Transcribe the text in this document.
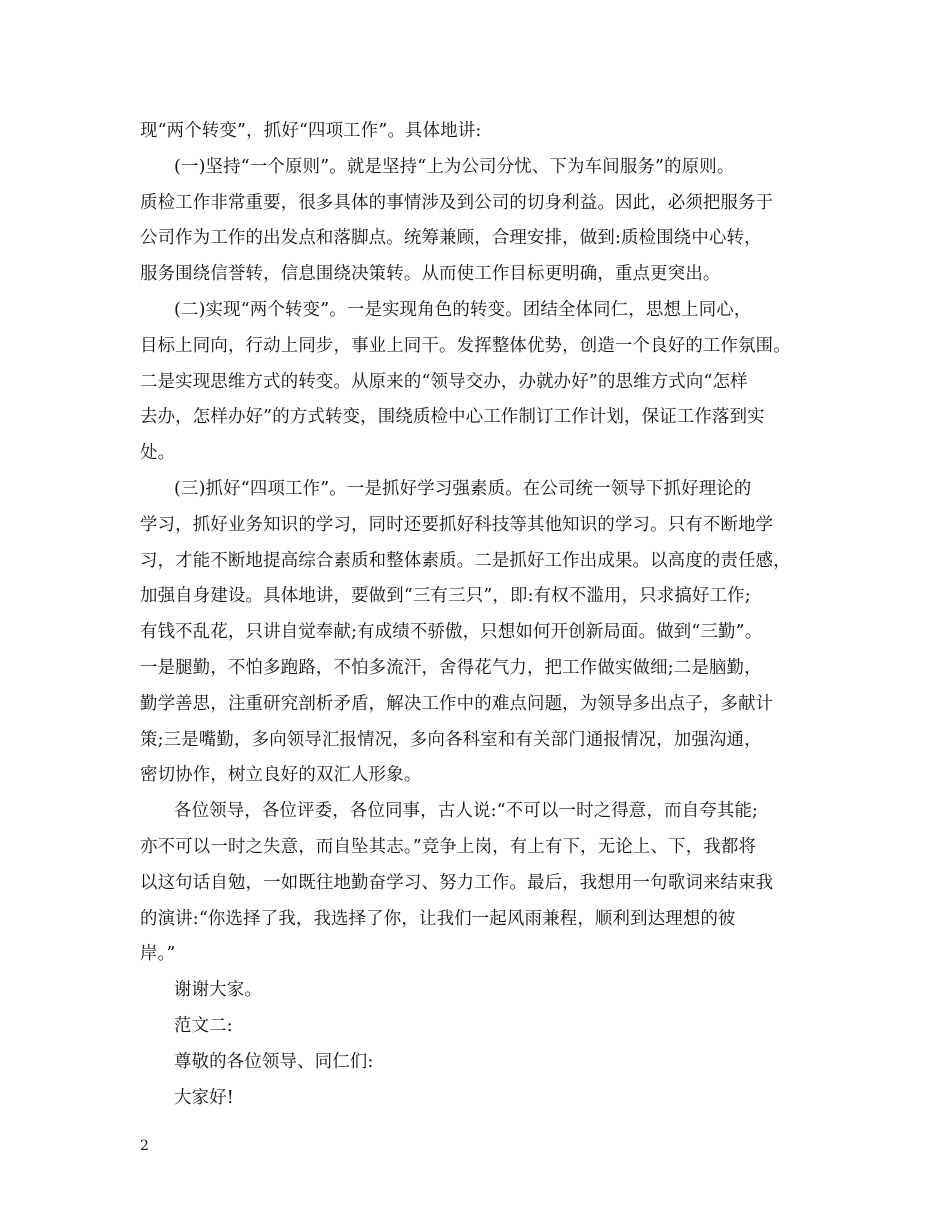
现“两个转变”，抓好“四项工作”。具体地讲:
(一)坚持“一个原则”。就是坚持“上为公司分忧、下为车间服务”的原则。
质检工作非常重要，很多具体的事情涉及到公司的切身利益。因此，必须把服务于
公司作为工作的出发点和落脚点。统筹兼顾，合理安排，做到:质检围绕中心转，
服务围绕信誉转，信息围绕决策转。从而使工作目标更明确，重点更突出。
(二)实现“两个转变”。一是实现角色的转变。团结全体同仁，思想上同心，
目标上同向，行动上同步，事业上同干。发挥整体优势，创造一个良好的工作氛围。
二是实现思维方式的转变。从原来的“领导交办，办就办好”的思维方式向“怎样
去办，怎样办好”的方式转变，围绕质检中心工作制订工作计划，保证工作落到实
处。
(三)抓好“四项工作”。一是抓好学习强素质。在公司统一领导下抓好理论的
学习，抓好业务知识的学习，同时还要抓好科技等其他知识的学习。只有不断地学
习，才能不断地提高综合素质和整体素质。二是抓好工作出成果。以高度的责任感，
加强自身建设。具体地讲，要做到“三有三只”，即:有权不滥用，只求搞好工作;
有钱不乱花，只讲自觉奉献;有成绩不骄傲，只想如何开创新局面。做到“三勤”。
一是腿勤，不怕多跑路，不怕多流汗，舍得花气力，把工作做实做细;二是脑勤，
勤学善思，注重研究剖析矛盾，解决工作中的难点问题，为领导多出点子，多献计
策;三是嘴勤，多向领导汇报情况，多向各科室和有关部门通报情况，加强沟通，
密切协作，树立良好的双汇人形象。
各位领导，各位评委，各位同事，古人说:“不可以一时之得意，而自夸其能;
亦不可以一时之失意，而自坠其志。”竞争上岗，有上有下，无论上、下，我都将
以这句话自勉，一如既往地勤奋学习、努力工作。最后，我想用一句歌词来结束我
的演讲:“你选择了我，我选择了你，让我们一起风雨兼程，顺利到达理想的彼
岸。”
谢谢大家。
范文二:
尊敬的各位领导、同仁们:
大家好!
2
